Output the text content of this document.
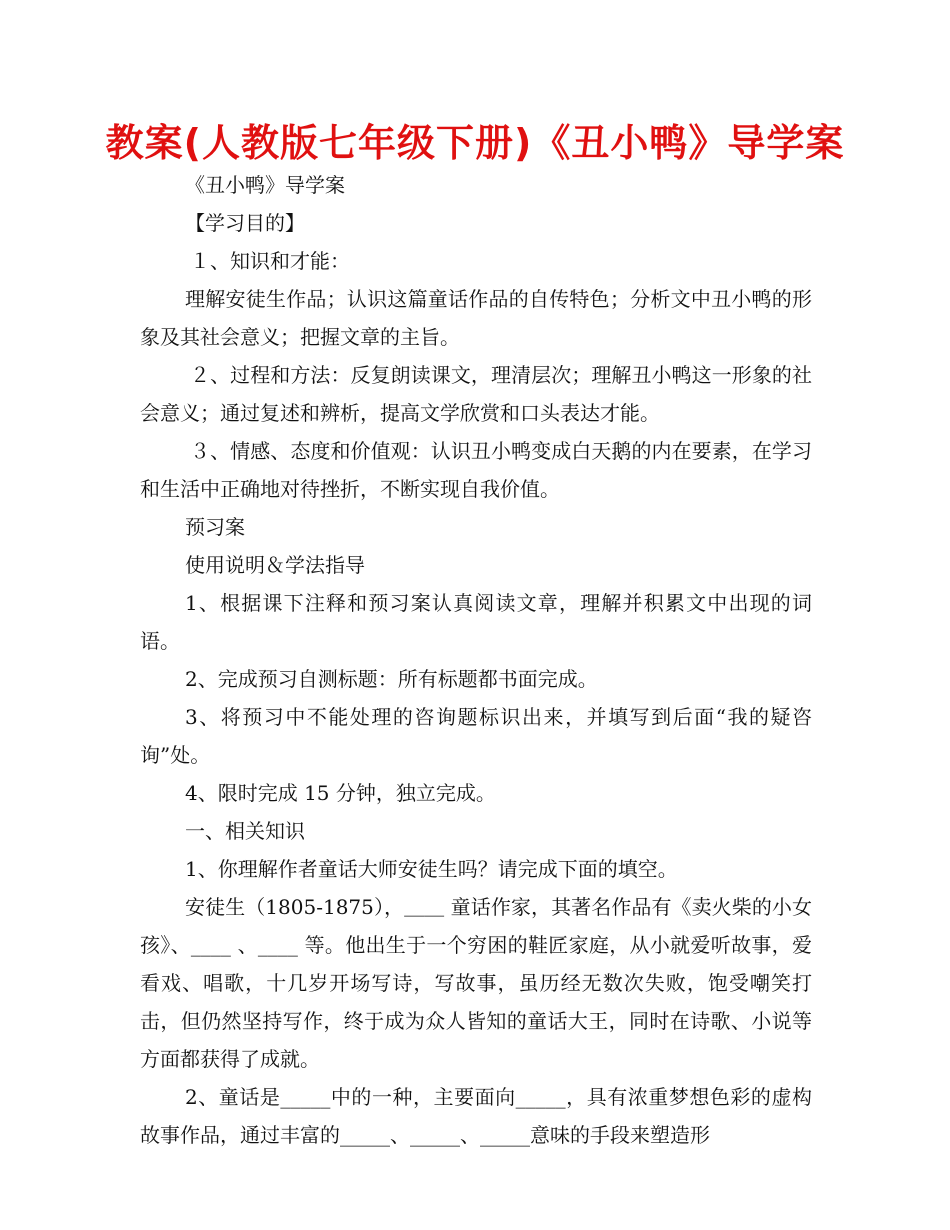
教案(人教版七年级下册)《丑小鸭》导学案

《丑小鸭》导学案

【学习目的】

１、知识和才能：

理解安徒生作品；认识这篇童话作品的自传特色；分析文中丑小鸭的形象及其社会意义；把握文章的主旨。

２、过程和方法：反复朗读课文，理清层次；理解丑小鸭这一形象的社会意义；通过复述和辨析，提高文学欣赏和口头表达才能。

３、情感、态度和价值观：认识丑小鸭变成白天鹅的内在要素，在学习和生活中正确地对待挫折，不断实现自我价值。

预习案

使用说明＆学法指导

1、根据课下注释和预习案认真阅读文章，理解并积累文中出现的词语。

2、完成预习自测标题：所有标题都书面完成。

3、将预习中不能处理的咨询题标识出来，并填写到后面“我的疑咨询”处。

4、限时完成 15 分钟，独立完成。

一、相关知识

1、你理解作者童话大师安徒生吗？请完成下面的填空。

安徒生（1805-1875），＿＿ 童话作家，其著名作品有《卖火柴的小女孩》、____ 、____ 等。他出生于一个穷困的鞋匠家庭，从小就爱听故事，爱看戏、唱歌，十几岁开场写诗，写故事，虽历经无数次失败，饱受嘲笑打击，但仍然坚持写作，终于成为众人皆知的童话大王，同时在诗歌、小说等方面都获得了成就。

2、童话是_____中的一种，主要面向_____，具有浓重梦想色彩的虚构故事作品，通过丰富的_____、_____、_____意味的手段来塑造形
